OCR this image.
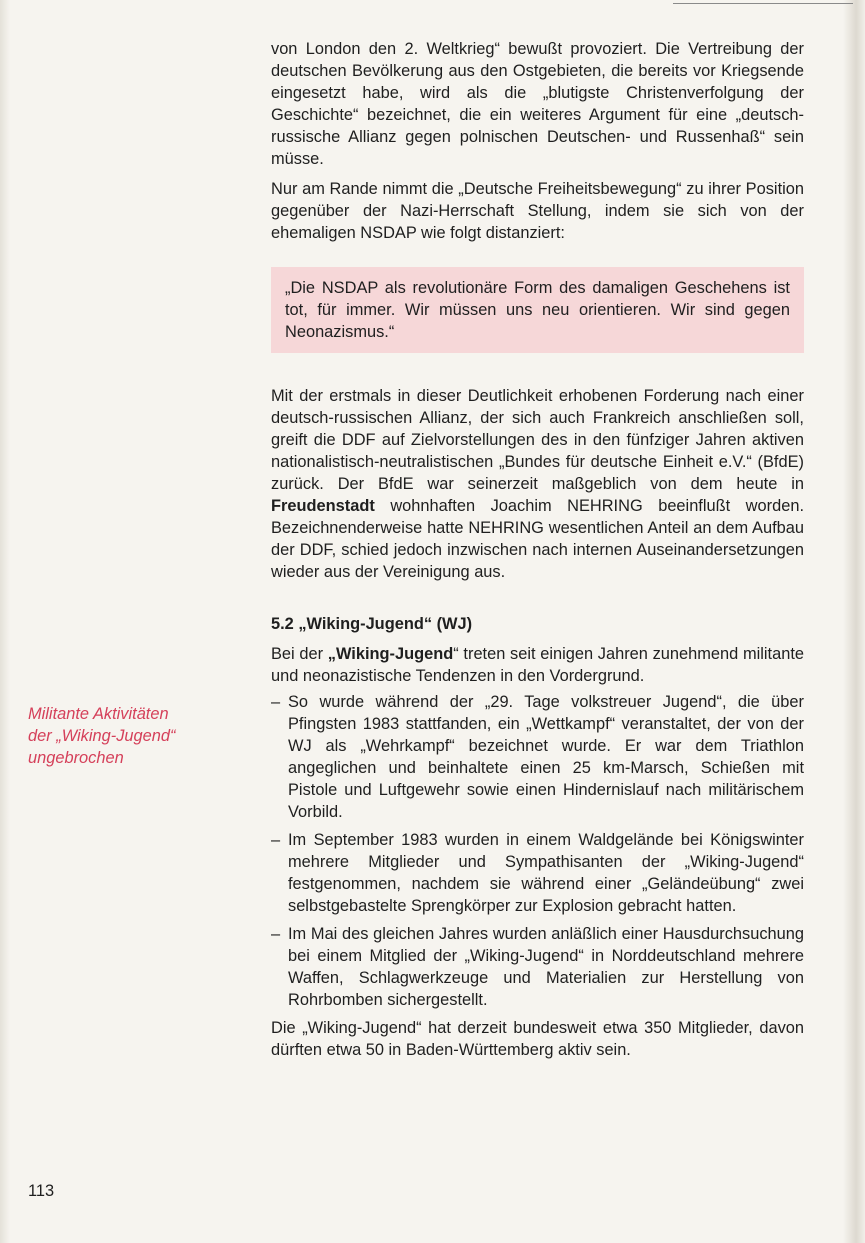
Militante Aktivitäten
der „Wiking-Jugend“
ungebrochen
113

von London den 2. Weltkrieg“ bewußt provoziert. Die Vertreibung der deutschen Bevölkerung aus den Ostgebieten, die bereits vor Kriegsende eingesetzt habe, wird als die „blutigste Christenverfolgung der Geschichte“ bezeichnet, die ein weiteres Argument für eine „deutsch-russische Allianz gegen polnischen Deutschen- und Russenhaß“ sein müsse.

Nur am Rande nimmt die „Deutsche Freiheitsbewegung“ zu ihrer Position gegenüber der Nazi-Herrschaft Stellung, indem sie sich von der ehemaligen NSDAP wie folgt distanziert:

„Die NSDAP als revolutionäre Form des damaligen Geschehens ist tot, für immer. Wir müssen uns neu orientieren. Wir sind gegen Neonazismus.“

Mit der erstmals in dieser Deutlichkeit erhobenen Forderung nach einer deutsch-russischen Allianz, der sich auch Frankreich anschließen soll, greift die DDF auf Zielvorstellungen des in den fünfziger Jahren aktiven nationalistisch-neutralistischen „Bundes für deutsche Einheit e.V.“ (BfdE) zurück. Der BfdE war seinerzeit maßgeblich von dem heute in Freudenstadt wohnhaften Joachim NEHRING beeinflußt worden. Bezeichnenderweise hatte NEHRING wesentlichen Anteil an dem Aufbau der DDF, schied jedoch inzwischen nach internen Auseinandersetzungen wieder aus der Vereinigung aus.

5.2 „Wiking-Jugend“ (WJ)

Bei der „Wiking-Jugend“ treten seit einigen Jahren zunehmend militante und neonazistische Tendenzen in den Vordergrund.

– So wurde während der „29. Tage volkstreuer Jugend“, die über Pfingsten 1983 stattfanden, ein „Wettkampf“ veranstaltet, der von der WJ als „Wehrkampf“ bezeichnet wurde. Er war dem Triathlon angeglichen und beinhaltete einen 25 km-Marsch, Schießen mit Pistole und Luftgewehr sowie einen Hindernislauf nach militärischem Vorbild.
– Im September 1983 wurden in einem Waldgelände bei Königswinter mehrere Mitglieder und Sympathisanten der „Wiking-Jugend“ festgenommen, nachdem sie während einer „Geländeübung“ zwei selbstgebastelte Sprengkörper zur Explosion gebracht hatten.
– Im Mai des gleichen Jahres wurden anläßlich einer Hausdurchsuchung bei einem Mitglied der „Wiking-Jugend“ in Norddeutschland mehrere Waffen, Schlagwerkzeuge und Materialien zur Herstellung von Rohrbomben sichergestellt.

Die „Wiking-Jugend“ hat derzeit bundesweit etwa 350 Mitglieder, davon dürften etwa 50 in Baden-Württemberg aktiv sein.
